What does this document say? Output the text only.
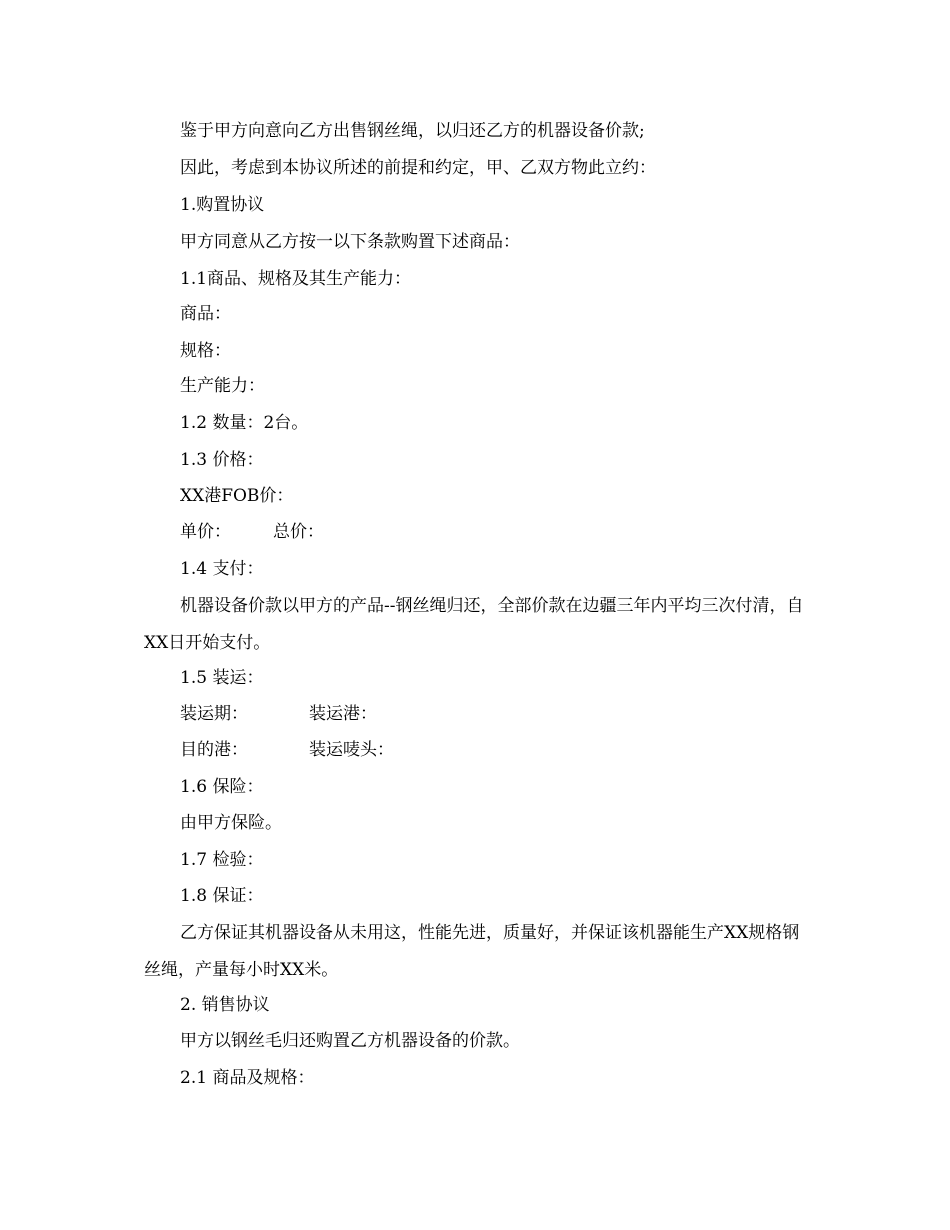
鉴于甲方向意向乙方出售钢丝绳，以归还乙方的机器设备价款;
因此，考虑到本协议所述的前提和约定，甲、乙双方物此立约：
1.购置协议
甲方同意从乙方按一以下条款购置下述商品：
1.1商品、规格及其生产能力：
商品：
规格：
生产能力：
1.2 数量：2台。
1.3 价格：
XX港FOB价：
单价： 总价：
1.4 支付：
机器设备价款以甲方的产品--钢丝绳归还，全部价款在边疆三年内平均三次付清，自XX日开始支付。
1.5 装运：
装运期：	装运港：
目的港：	装运唛头：
1.6 保险：
由甲方保险。
1.7 检验：
1.8 保证：
乙方保证其机器设备从未用这，性能先进，质量好，并保证该机器能生产XX规格钢丝绳，产量每小时XX米。
2. 销售协议
甲方以钢丝毛归还购置乙方机器设备的价款。
2.1 商品及规格：
